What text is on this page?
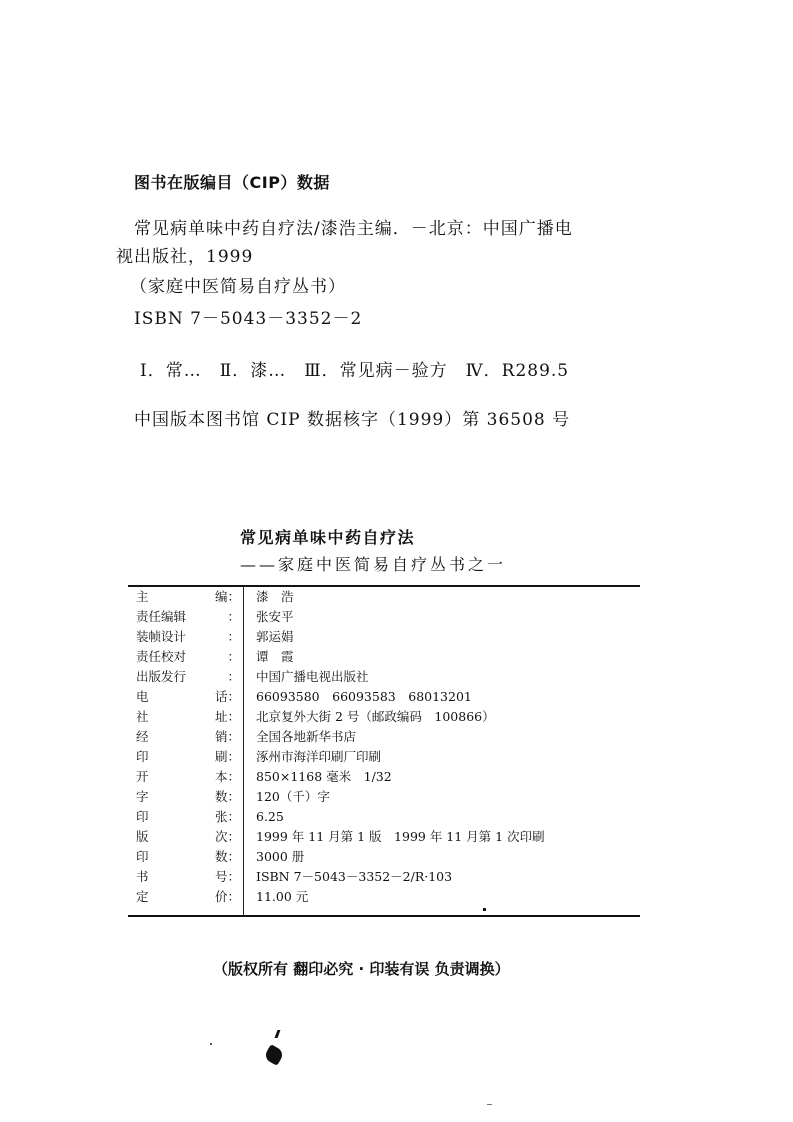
图书在版编目（CIP）数据
常见病单味中药自疗法/漆浩主编．－北京：中国广播电
视出版社，1999
（家庭中医简易自疗丛书）
ISBN 7－5043－3352－2
Ⅰ．常…　Ⅱ．漆…　Ⅲ．常见病－验方　Ⅳ．R289.5
中国版本图书馆 CIP 数据核字（1999）第 36508 号
常见病单味中药自疗法
——家庭中医简易自疗丛书之一
主	编： 漆　浩
责任编辑	： 张安平
装帧设计	： 郭运娟
责任校对	： 谭　霞
出版发行	： 中国广播电视出版社
电	话： 66093580　66093583　68013201
社	址： 北京复外大街 2 号（邮政编码　100866）
经	销： 全国各地新华书店
印	刷： 涿州市海洋印刷厂印刷
开	本： 850×1168 毫米　1/32
字	数： 120（千）字
印	张： 6.25
版	次： 1999 年 11 月第 1 版　1999 年 11 月第 1 次印刷
印	数： 3000 册
书	号： ISBN 7－5043－3352－2/R·103
定	价： 11.00 元
（版权所有 翻印必究 · 印装有误 负责调换）
